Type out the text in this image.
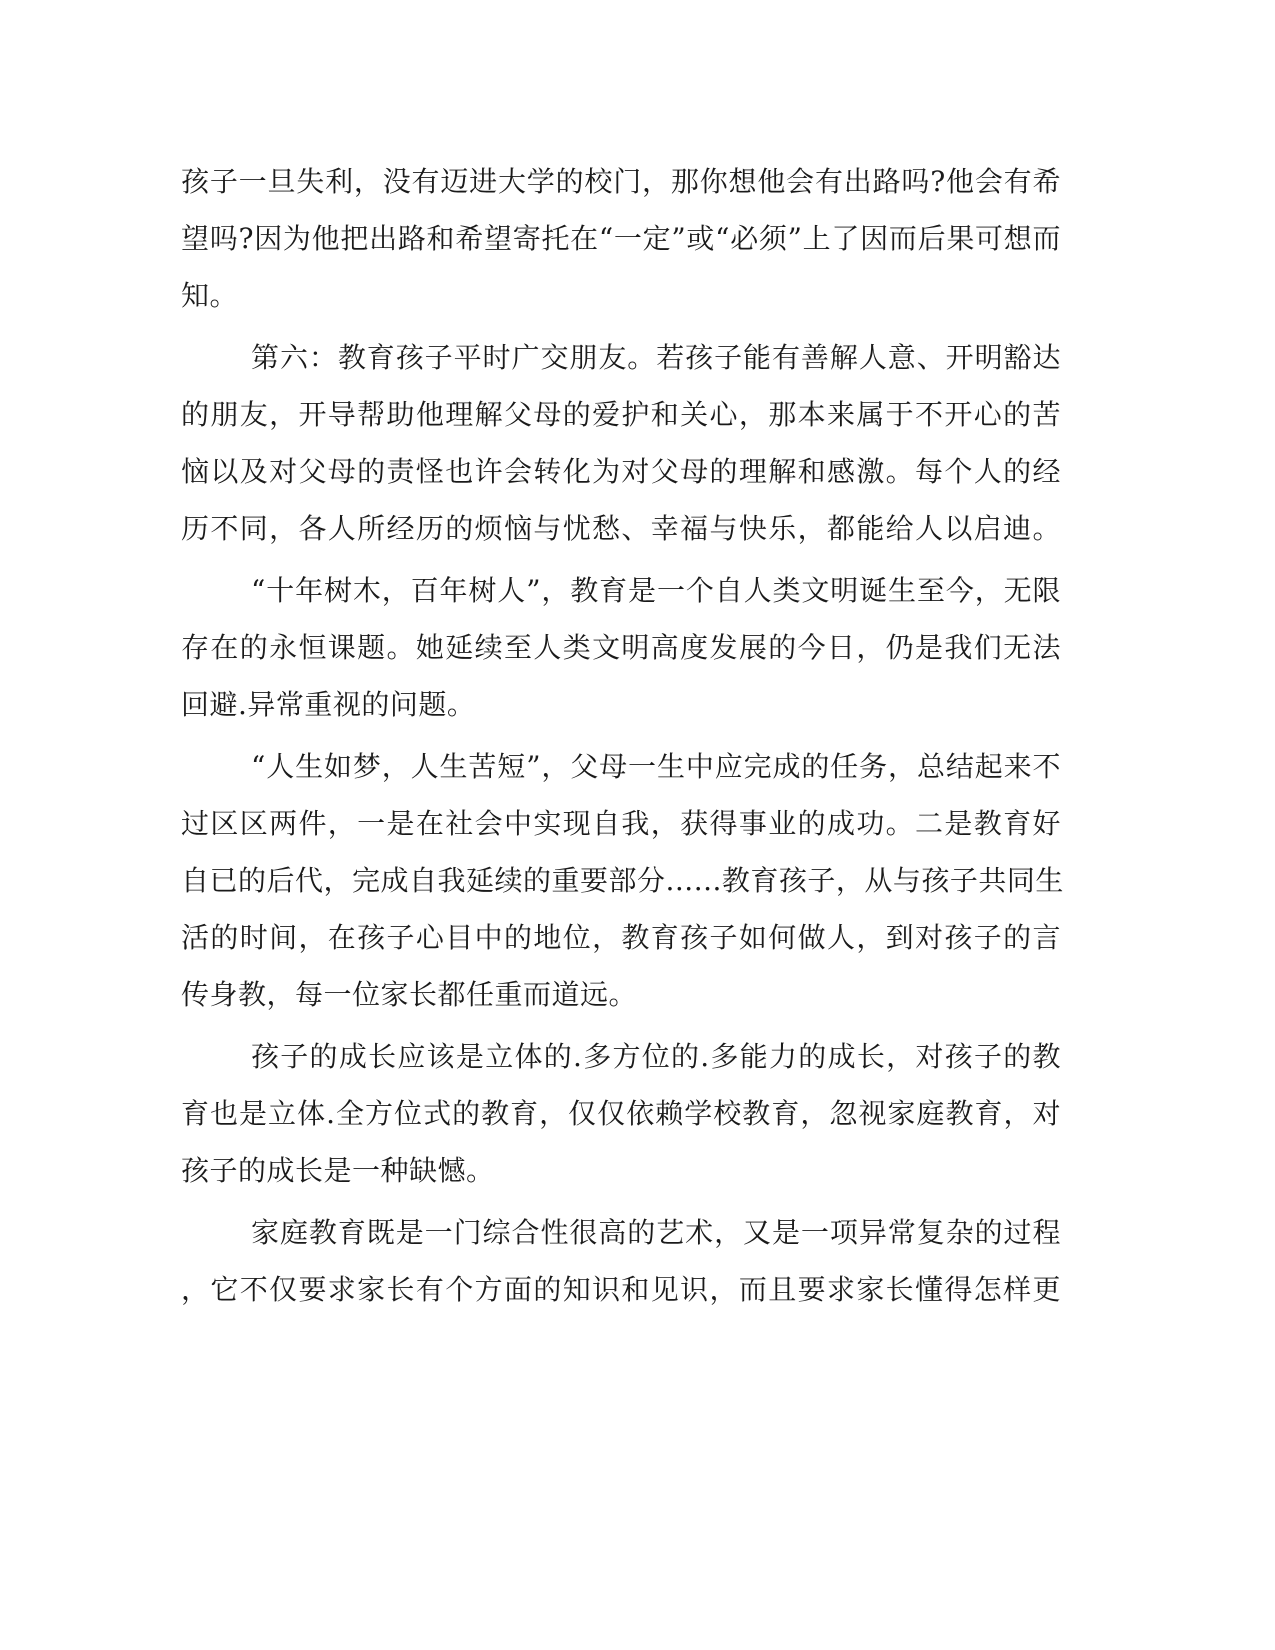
孩子一旦失利，没有迈进大学的校门，那你想他会有出路吗?他会有希
望吗?因为他把出路和希望寄托在“一定”或“必须”上了因而后果可想而
知。
第六：教育孩子平时广交朋友。若孩子能有善解人意、开明豁达
的朋友，开导帮助他理解父母的爱护和关心，那本来属于不开心的苦
恼以及对父母的责怪也许会转化为对父母的理解和感激。每个人的经
历不同，各人所经历的烦恼与忧愁、幸福与快乐，都能给人以启迪。
“十年树木，百年树人”，教育是一个自人类文明诞生至今，无限
存在的永恒课题。她延续至人类文明高度发展的今日，仍是我们无法
回避.异常重视的问题。
“人生如梦，人生苦短”，父母一生中应完成的任务，总结起来不
过区区两件，一是在社会中实现自我，获得事业的成功。二是教育好
自已的后代，完成自我延续的重要部分......教育孩子，从与孩子共同生
活的时间，在孩子心目中的地位，教育孩子如何做人，到对孩子的言
传身教，每一位家长都任重而道远。
孩子的成长应该是立体的.多方位的.多能力的成长，对孩子的教
育也是立体.全方位式的教育，仅仅依赖学校教育，忽视家庭教育，对
孩子的成长是一种缺憾。
家庭教育既是一门综合性很高的艺术，又是一项异常复杂的过程
，它不仅要求家长有个方面的知识和见识，而且要求家长懂得怎样更
